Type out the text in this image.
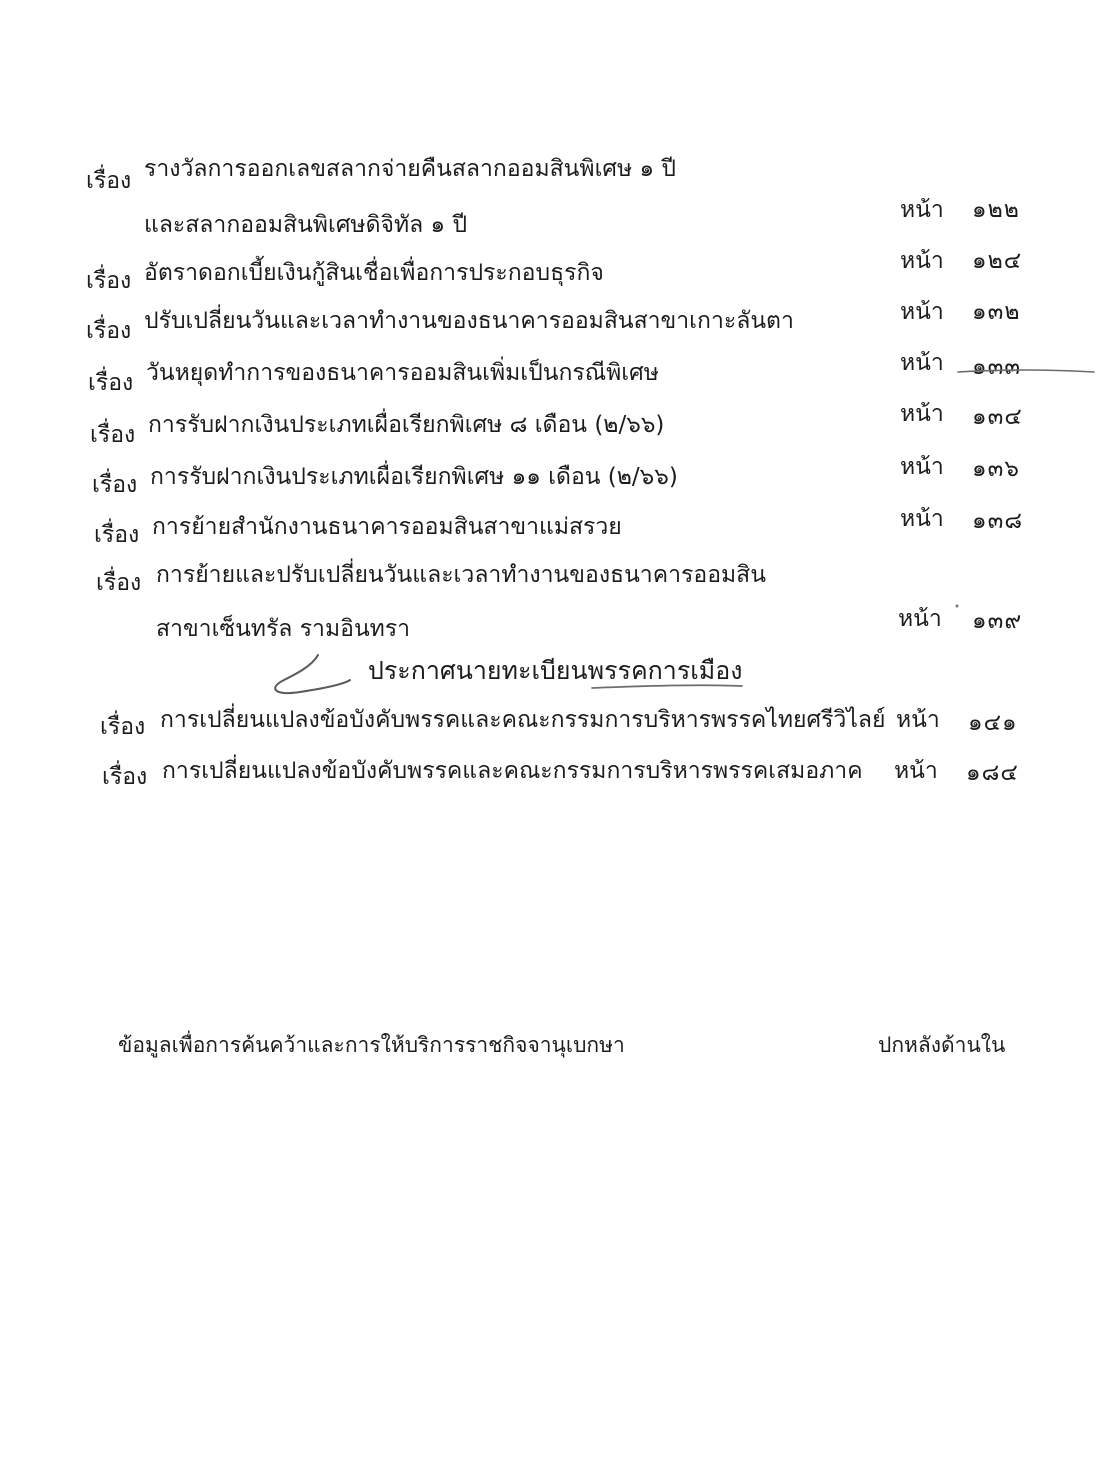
เรื่อง รางวัลการออกเลขสลากจ่ายคืนสลากออมสินพิเศษ ๑ ปี
และสลากออมสินพิเศษดิจิทัล ๑ ปี
หน้า ๑๒๒
เรื่อง อัตราดอกเบี้ยเงินกู้สินเชื่อเพื่อการประกอบธุรกิจ	หน้า ๑๒๔
เรื่อง ปรับเปลี่ยนวันและเวลาทำงานของธนาคารออมสินสาขาเกาะลันตา	หน้า ๑๓๒
เรื่อง วันหยุดทำการของธนาคารออมสินเพิ่มเป็นกรณีพิเศษ	หน้า ๑๓๓
เรื่อง การรับฝากเงินประเภทเผื่อเรียกพิเศษ ๘ เดือน (๒/๖๖)	หน้า ๑๓๔
เรื่อง การรับฝากเงินประเภทเผื่อเรียกพิเศษ ๑๑ เดือน (๒/๖๖)	หน้า ๑๓๖
เรื่อง การย้ายสำนักงานธนาคารออมสินสาขาแม่สรวย	หน้า ๑๓๘
เรื่อง การย้ายและปรับเปลี่ยนวันและเวลาทำงานของธนาคารออมสิน
สาขาเซ็นทรัล รามอินทรา	หน้า ๑๓๙
ประกาศนายทะเบียนพรรคการเมือง
เรื่อง การเปลี่ยนแปลงข้อบังคับพรรคและคณะกรรมการบริหารพรรคไทยศรีวิไลย์ หน้า ๑๔๑
เรื่อง การเปลี่ยนแปลงข้อบังคับพรรคและคณะกรรมการบริหารพรรคเสมอภาค หน้า ๑๘๔
ข้อมูลเพื่อการค้นคว้าและการให้บริการราชกิจจานุเบกษา	ปกหลังด้านใน
